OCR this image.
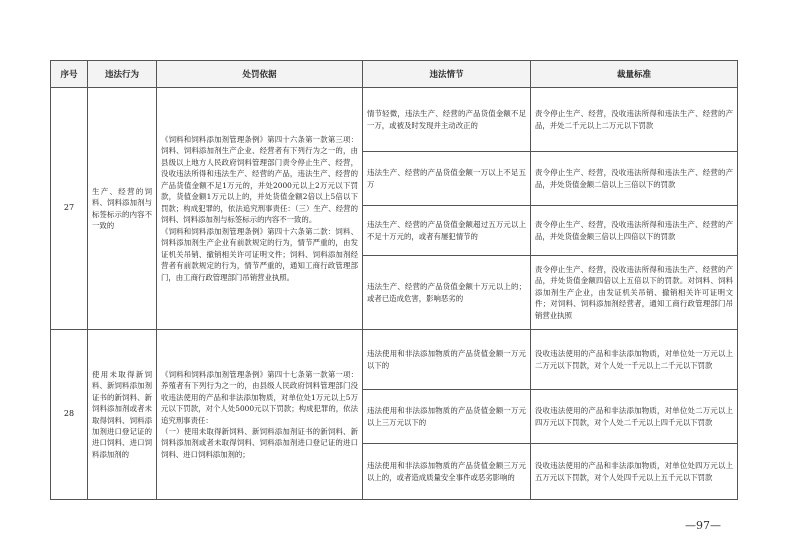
序号	违法行为	处罚依据	违法情节	裁量标准
27	生产、经营的饲料、饲料添加剂与标签标示的内容不一致的	《饲料和饲料添加剂管理条例》第四十六条第一款第三项：饲料、饲料添加剂生产企业、经营者有下列行为之一的，由县级以上地方人民政府饲料管理部门责令停止生产、经营，没收违法所得和违法生产、经营的产品，违法生产、经营的产品货值金额不足1万元的，并处2000元以上2万元以下罚款，货值金额1万元以上的，并处货值金额2倍以上5倍以下罚款；构成犯罪的，依法追究刑事责任：（三）生产、经营的饲料、饲料添加剂与标签标示的内容不一致的。
《饲料和饲料添加剂管理条例》第四十六条第二款：饲料、饲料添加剂生产企业有前款规定的行为，情节严重的，由发证机关吊销、撤销相关许可证明文件；饲料、饲料添加剂经营者有前款规定的行为，情节严重的，通知工商行政管理部门，由工商行政管理部门吊销营业执照。	情节轻微，违法生产、经营的产品货值金额不足一万，或被及时发现并主动改正的	责令停止生产、经营，没收违法所得和违法生产、经营的产品，并处二千元以上二万元以下罚款
			违法生产、经营的产品货值金额一万以上不足五万	责令停止生产、经营，没收违法所得和违法生产、经营的产品，并处货值金额二倍以上三倍以下的罚款
			违法生产、经营的产品货值金额超过五万元以上不足十万元的，或者有屡犯情节的	责令停止生产、经营，没收违法所得和违法生产、经营的产品，并处货值金额三倍以上四倍以下的罚款
			违法生产、经营的产品货值金额十万元以上的；或者已造成危害，影响恶劣的	责令停止生产、经营，没收违法所得和违法生产、经营的产品，并处货值金额四倍以上五倍以下的罚款。对饲料、饲料添加剂生产企业，由发证机关吊销、撤销相关许可证明文件；对饲料、饲料添加剂经营者，通知工商行政管理部门吊销营业执照
28	使用未取得新饲料、新饲料添加剂证书的新饲料、新饲料添加剂或者未取得饲料、饲料添加剂进口登记证的进口饲料、进口饲料添加剂的	《饲料和饲料添加剂管理条例》第四十七条第一款第一项：养殖者有下列行为之一的，由县级人民政府饲料管理部门没收违法使用的产品和非法添加物质，对单位处1万元以上5万元以下罚款，对个人处5000元以下罚款；构成犯罪的，依法追究刑事责任：
（一）使用未取得新饲料、新饲料添加剂证书的新饲料、新饲料添加剂或者未取得饲料、饲料添加剂进口登记证的进口饲料、进口饲料添加剂的；	违法使用和非法添加物质的产品货值金额一万元以下的	没收违法使用的产品和非法添加物质，对单位处一万元以上二万元以下罚款，对个人处一千元以上二千元以下罚款
			违法使用和非法添加物质的产品货值金额一万元以上三万元以下的	没收违法使用的产品和非法添加物质，对单位处二万元以上四万元以下罚款，对个人处二千元以上四千元以下罚款
			违法使用和非法添加物质的产品货值金额三万元以上的，或者造成质量安全事件或恶劣影响的	没收违法使用的产品和非法添加物质，对单位处四万元以上五万元以下罚款，对个人处四千元以上五千元以下罚款
—97—
